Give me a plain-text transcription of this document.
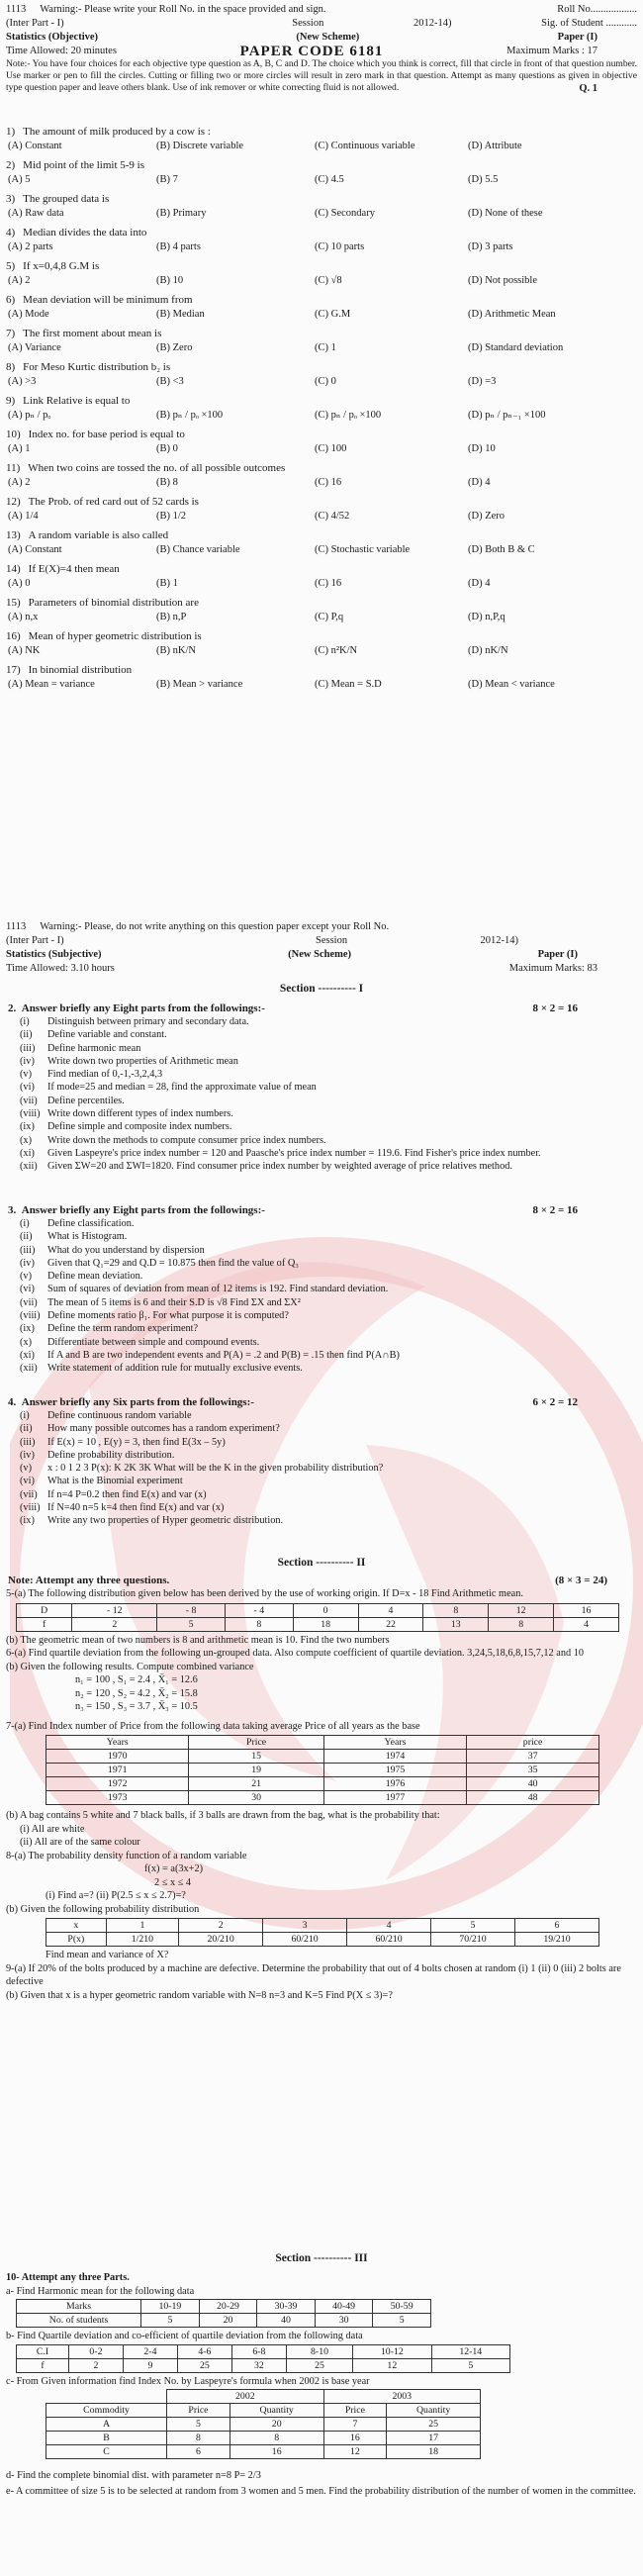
1113	Warning:- Please write your Roll No. in the space provided and sign.	Roll No..................
(Inter Part - I)	Session	2012-14)	Sig. of Student ............
Statistics (Objective)	(New Scheme)	Paper (I)
Time Allowed: 20 minutes	PAPER CODE 6181	Maximum Marks : 17
Note:- You have four choices for each objective type question as A, B, C and D. The choice which you think is correct, fill that circle in front of that question number. Use marker or pen to fill the circles. Cutting or filling two or more circles will result in zero mark in that question. Attempt as many questions as given in objective type question paper and leave others blank. Use of ink remover or white correcting fluid is not allowed.	Q. 1
1) The amount of milk produced by a cow is :
(A) Constant	(B) Discrete variable	(C) Continuous variable	(D) Attribute
2) Mid point of the limit 5-9 is
(A) 5	(B) 7	(C) 4.5	(D) 5.5
3) The grouped data is
(A) Raw data	(B) Primary	(C) Secondary	(D) None of these
4) Median divides the data into
(A) 2 parts	(B) 4 parts	(C) 10 parts	(D) 3 parts
5) If x=0,4,8 G.M is
(A) 2	(B) 10	(C) √8	(D) Not possible
6) Mean deviation will be minimum from
(A) Mode	(B) Median	(C) G.M	(D) Arithmetic Mean
7) The first moment about mean is
(A) Variance	(B) Zero	(C) 1	(D) Standard deviation
8) For Meso Kurtic distribution b₂ is
(A) >3	(B) <3	(C) 0	(D) =3
9) Link Relative is equal to
(A) pₙ / pₒ	(B) pₙ / pₒ ×100	(C) pₙ / pₒ ×100	(D) pₙ / pₙ₋₁ ×100
10) Index no. for base period is equal to
(A) 1	(B) 0	(C) 100	(D) 10
11) When two coins are tossed the no. of all possible outcomes
(A) 2	(B) 8	(C) 16	(D) 4
12) The Prob. of red card out of 52 cards is
(A) 1/4	(B) 1/2	(C) 4/52	(D) Zero
13) A random variable is also called
(A) Constant	(B) Chance variable	(C) Stochastic variable	(D) Both B & C
14) If E(X)=4 then mean
(A) 0	(B) 1	(C) 16	(D) 4
15) Parameters of binomial distribution are
(A) n,x	(B) n,P	(C) P,q	(D) n,P,q
16) Mean of hyper geometric distribution is
(A) NK	(B) nK/N	(C) n²K/N	(D) nK/N
17) In binomial distribution
(A) Mean = variance	(B) Mean > variance	(C) Mean = S.D	(D) Mean < variance
1113	Warning:- Please, do not write anything on this question paper except your Roll No.
(Inter Part - I)	Session	2012-14)
Statistics (Subjective)	(New Scheme)	Paper (I)
Time Allowed: 3.10 hours	Maximum Marks: 83
Section ---------- I
2. Answer briefly any Eight parts from the followings:-	8 × 2 = 16
(i)	Distinguish between primary and secondary data.
(ii)	Define variable and constant.
(iii)	Define harmonic mean
(iv)	Write down two properties of Arithmetic mean
(v)	Find median of 0,-1,-3,2,4,3
(vi)	If mode=25 and median = 28, find the approximate value of mean
(vii) Define percentiles.
(viii) Write down different types of index numbers.
(ix)	Define simple and composite index numbers.
(x)	Write down the methods to compute consumer price index numbers.
(xi)	Given Laspeyre's price index number = 120 and Paasche's price index number = 119.6. Find Fisher's price index number.
(xii) Given ΣW=20 and ΣWI=1820. Find consumer price index number by weighted average of price relatives method.
3. Answer briefly any Eight parts from the followings:-	8 × 2 = 16
(i)	Define classification.
(ii)	What is Histogram.
(iii)	What do you understand by dispersion
(iv)	Given that Q₁=29 and Q.D = 10.875 then find the value of Q₃
(v)	Define mean deviation.
(vi)	Sum of squares of deviation from mean of 12 items is 192. Find standard deviation.
(vii) The mean of 5 items is 6 and their S.D is √8 Find ΣX and ΣX²
(viii) Define moments ratio β₁. For what purpose it is computed?
(ix)	Define the term random experiment?
(x)	Differentiate between simple and compound events.
(xi)	If A and B are two independent events and P(A) = .2 and P(B) = .15 then find P(A∩B)
(xii) Write statement of addition rule for mutually exclusive events.
4. Answer briefly any Six parts from the followings:-	6 × 2 = 12
(i)	Define continuous random variable
(ii)	How many possible outcomes has a random experiment?
(iii)	If E(x) = 10 , E(y) = 3, then find E(3x – 5y)
(iv)	Define probability distribution.
(v)	x : 0 1 2 3 P(x): K 2K 3K What will be the K in the given probability distribution?
(vi)	What is the Binomial experiment
(vii) If n=4 P=0.2 then find E(x) and var (x)
(viii) If N=40 n=5 k=4 then find E(x) and var (x)
(ix)	Write any two properties of Hyper geometric distribution.
Section ---------- II
Note: Attempt any three questions.	(8 × 3 = 24)
5-(a) The following distribution given below has been derived by the use of working origin. If D=x - 18 Find Arithmetic mean.
D	- 12	- 8	- 4	0	4	8	12	16
f	2	5	8	18	22	13	8	4
(b) The geometric mean of two numbers is 8 and arithmetic mean is 10. Find the two numbers
6-(a) Find quartile deviation from the following un-grouped data. Also compute coefficient of quartile deviation. 3,24,5,18,6,8,15,7,12 and 10
(b) Given the following results. Compute combined variance
n₁ = 100 , S₁ = 2.4 , X̄₁ = 12.6
n₂ = 120 , S₂ = 4.2 , X̄₂ = 15.8
n₃ = 150 , S₃ = 3.7 , X̄₃ = 10.5
7-(a) Find Index number of Price from the following data taking average Price of all years as the base
Years	Price	Years	price
1970	15	1974	37
1971	19	1975	35
1972	21	1976	40
1973	30	1977	48
(b) A bag contains 5 white and 7 black balls, if 3 balls are drawn from the bag, what is the probability that:
(i) All are white
(ii) All are of the same colour
8-(a) The probability density function of a random variable
f(x) = a(3x+2)
2 ≤ x ≤ 4
(i) Find a=? (ii) P(2.5 ≤ x ≤ 2.7)=?
(b) Given the following probability distribution
x	1	2	3	4	5	6
P(x)	1/210	20/210	60/210	60/210	70/210	19/210
Find mean and variance of X?
9-(a) If 20% of the bolts produced by a machine are defective. Determine the probability that out of 4 bolts chosen at random (i) 1 (ii) 0 (iii) 2 bolts are defective
(b) Given that x is a hyper geometric random variable with N=8 n=3 and K=5 Find P(X ≤ 3)=?
Section ---------- III
10- Attempt any three Parts.
a- Find Harmonic mean for the following data
Marks	10-19	20-29	30-39	40-49	50-59
No. of students	5	20	40	30	5
b- Find Quartile deviation and co-efficient of quartile deviation from the following data
C.I	0-2	2-4	4-6	6-8	8-10	10-12	12-14
f	2	9	25	32	25	12	5
c- From Given information find Index No. by Laspeyre's formula when 2002 is base year
	2002		2003	
Commodity	Price	Quantity	Price	Quantity
A	5	20	7	25
B	8	8	16	17
C	6	16	12	18
d- Find the complete binomial dist. with parameter n=8 P= 2/3
e- A committee of size 5 is to be selected at random from 3 women and 5 men. Find the probability distribution of the number of women in the committee.
